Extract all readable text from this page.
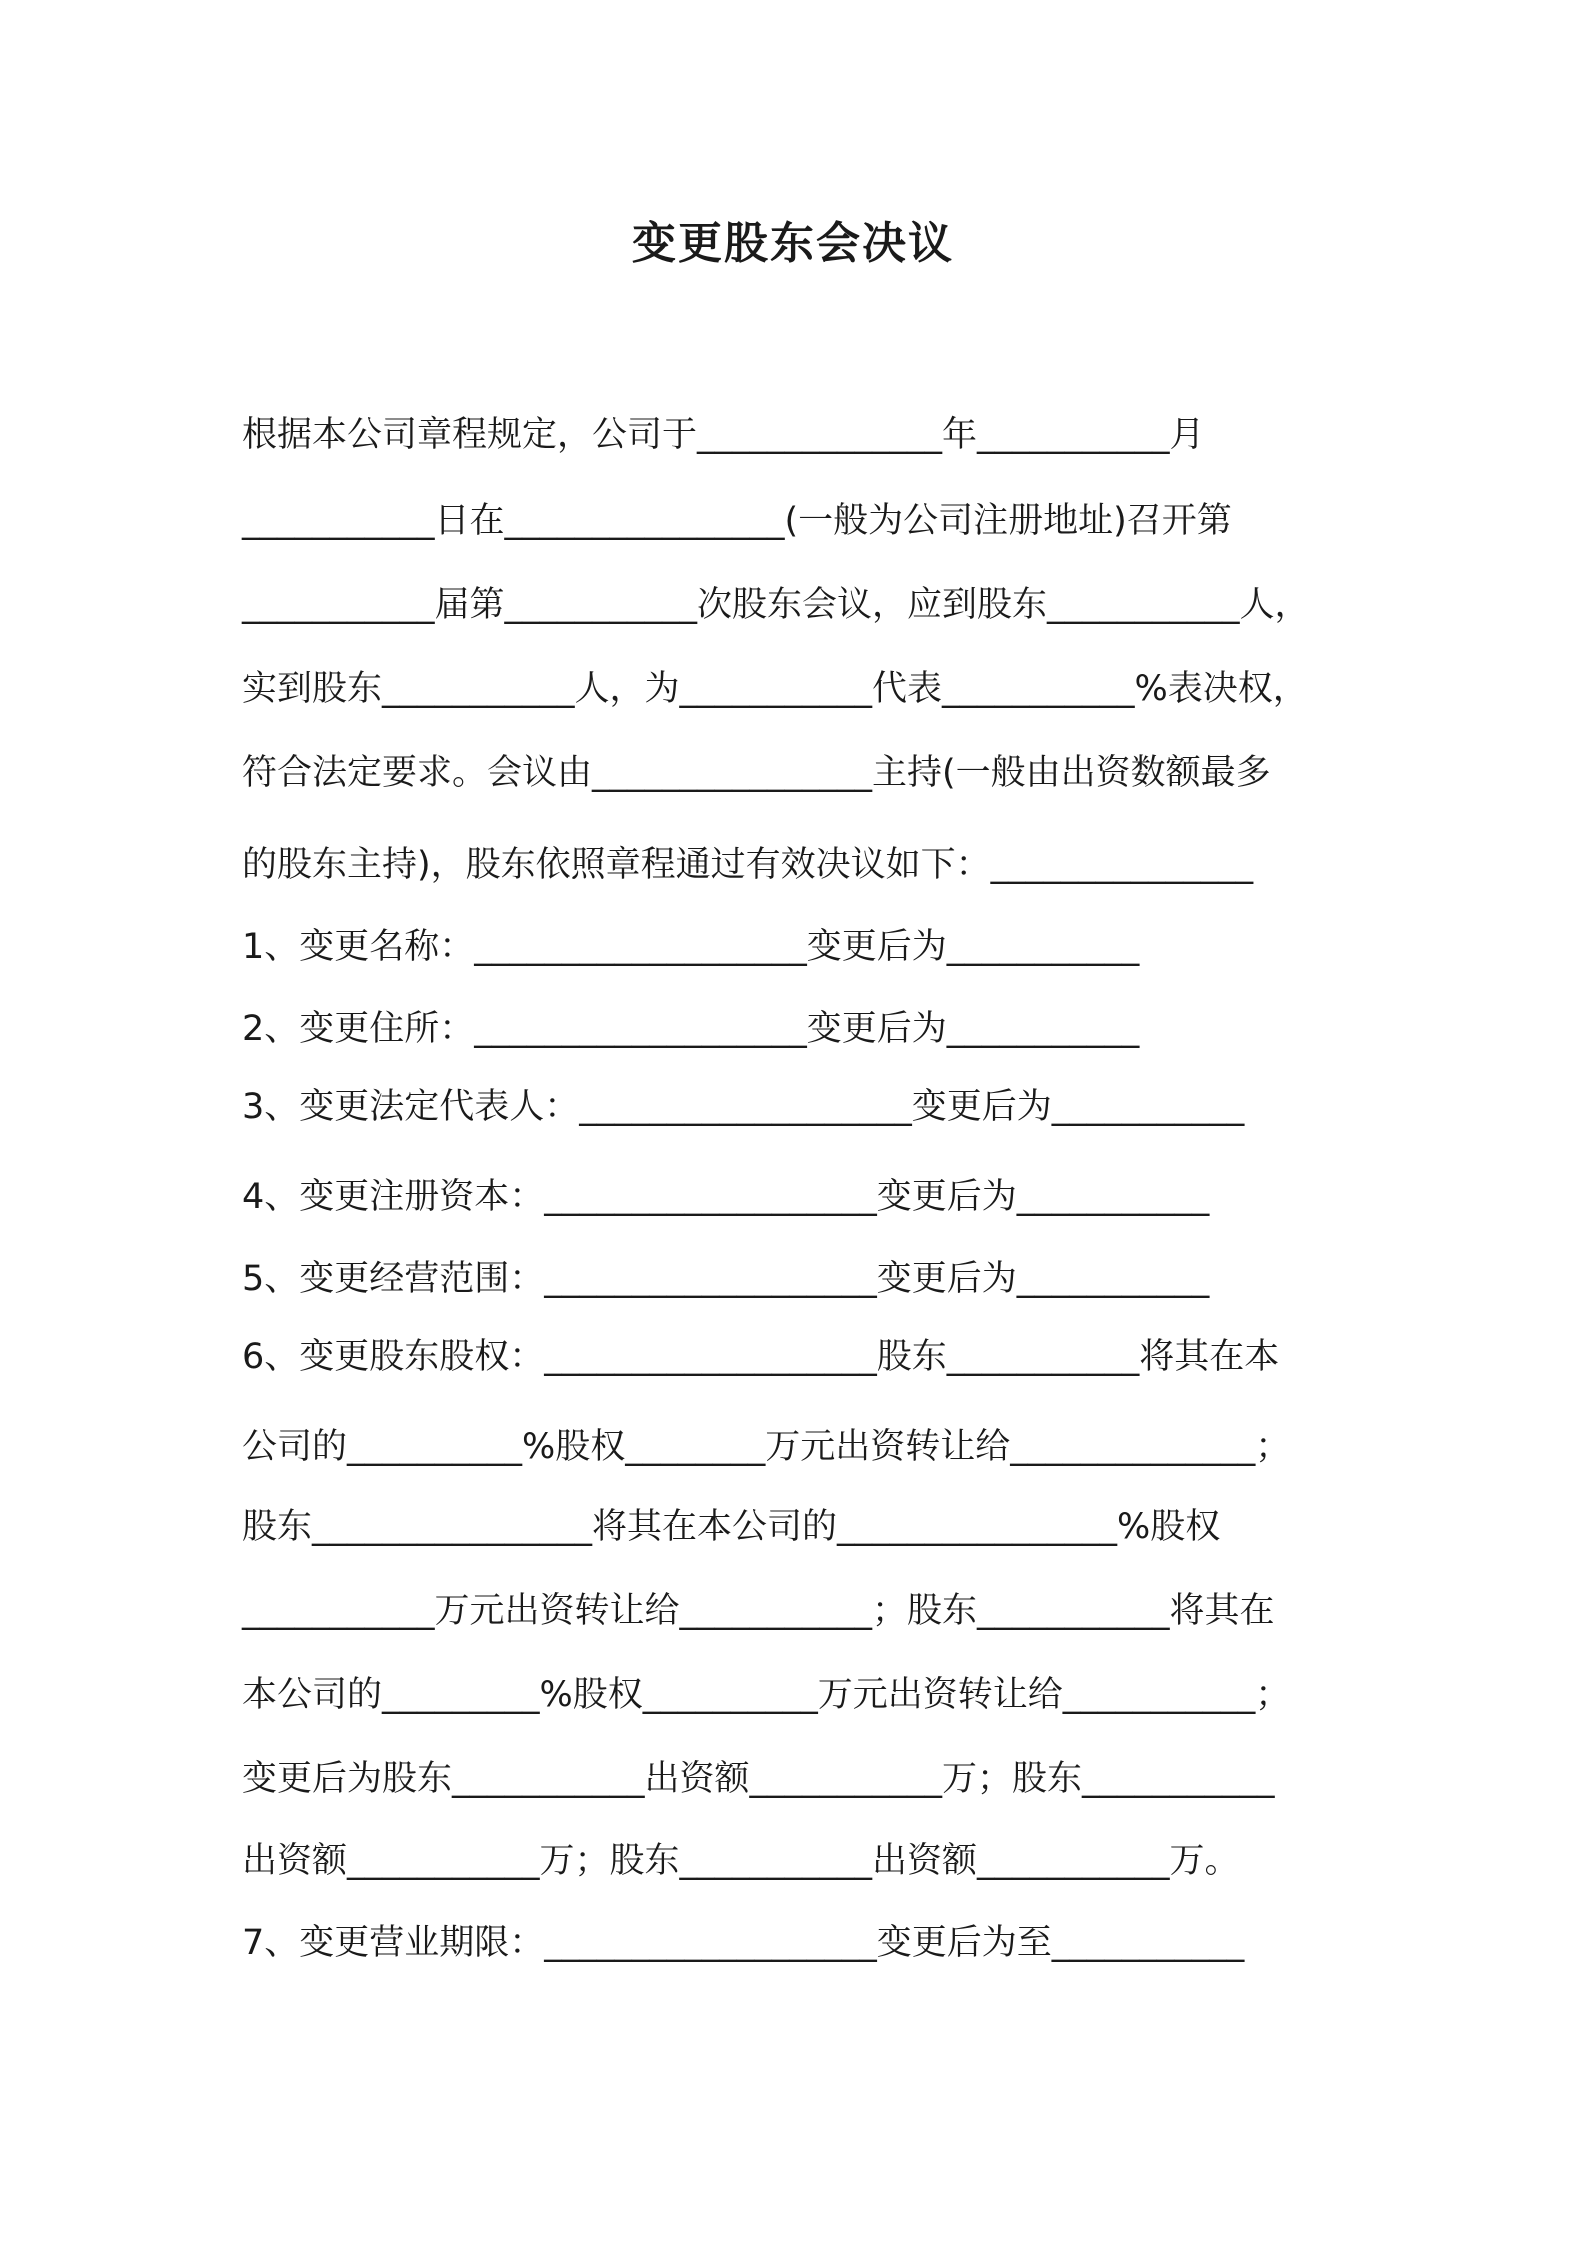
变更股东会决议
根据本公司章程规定，公司于______________年___________月
___________日在________________(一般为公司注册地址)召开第
___________届第___________次股东会议，应到股东___________人，
实到股东___________人，为___________代表___________%表决权，
符合法定要求。会议由________________主持(一般由出资数额最多
的股东主持)，股东依照章程通过有效决议如下：_______________
1、变更名称：___________________变更后为___________
2、变更住所：___________________变更后为___________
3、变更法定代表人：___________________变更后为___________
4、变更注册资本：___________________变更后为___________
5、变更经营范围：___________________变更后为___________
6、变更股东股权：___________________股东___________将其在本
公司的__________%股权________万元出资转让给______________；
股东________________将其在本公司的________________%股权
___________万元出资转让给___________；股东___________将其在
本公司的_________%股权__________万元出资转让给___________；
变更后为股东___________出资额___________万；股东___________
出资额___________万；股东___________出资额___________万。
7、变更营业期限：___________________变更后为至___________
